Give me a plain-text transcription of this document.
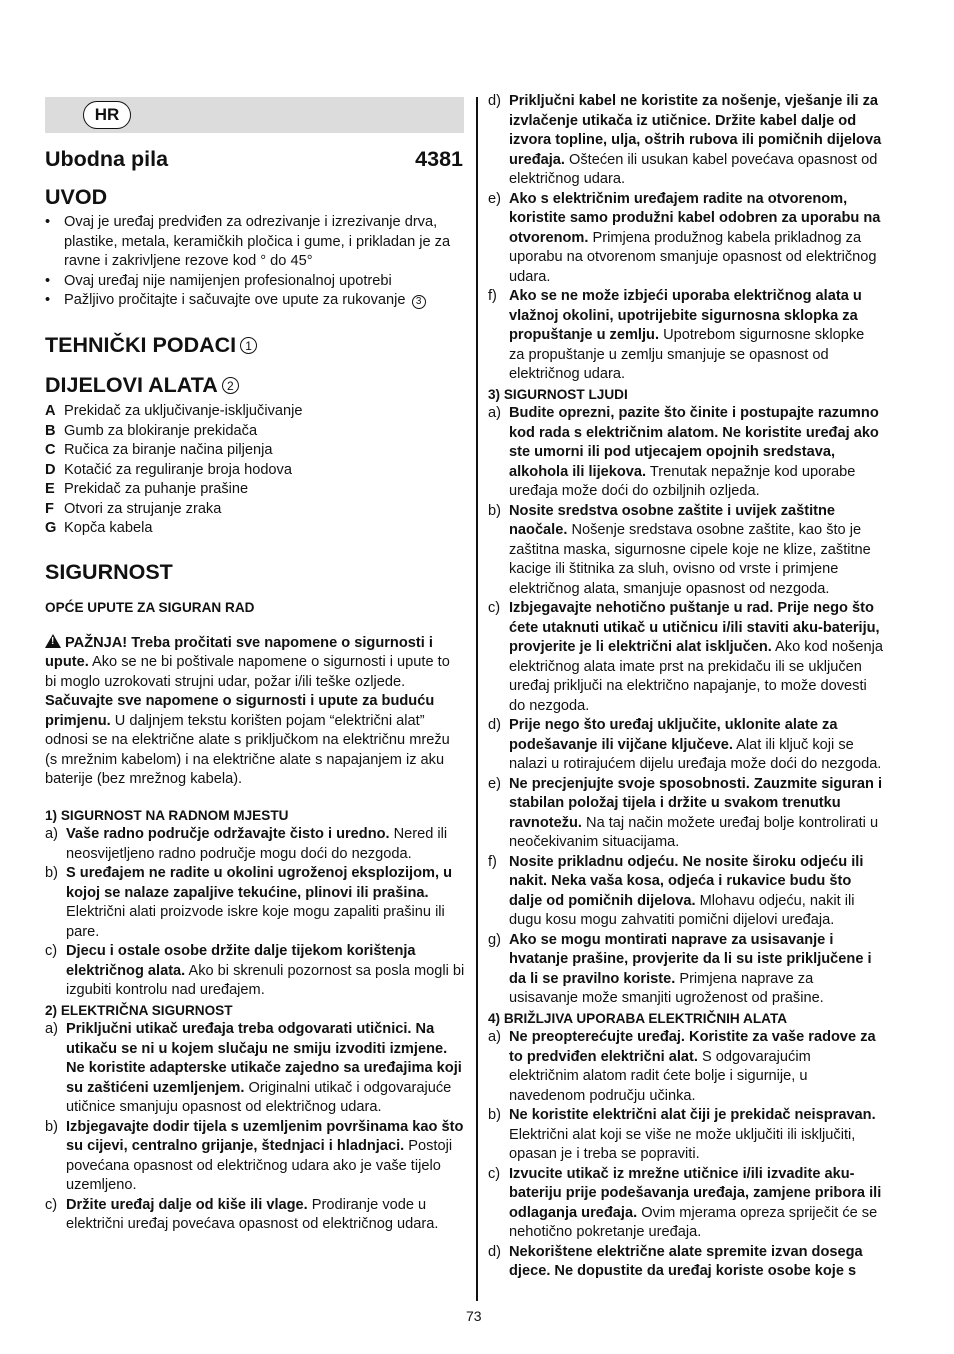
HR
Ubodna pila	4381
UVOD
• Ovaj je uređaj predviđen za odrezivanje i izrezivanje drva, plastike, metala, keramičkih pločica i gume, i prikladan je za ravne i zakrivljene rezove kod ° do 45°
• Ovaj uređaj nije namijenjen profesionalnoj upotrebi
• Pažljivo pročitajte i sačuvajte ove upute za rukovanje 3
TEHNIČKI PODACI 1
DIJELOVI ALATA 2
A Prekidač za uključivanje-isključivanje
B Gumb za blokiranje prekidača
C Ručica za biranje načina piljenja
D Kotačić za reguliranje broja hodova
E Prekidač za puhanje prašine
F Otvori za strujanje zraka
G Kopča kabela
SIGURNOST
OPĆE UPUTE ZA SIGURAN RAD
!PAŽNJA! Treba pročitati sve napomene o sigurnosti i upute. Ako se ne bi poštivale napomene o sigurnosti i upute to bi moglo uzrokovati strujni udar, požar i/ili teške ozljede. Sačuvajte sve napomene o sigurnosti i upute za buduću primjenu. U daljnjem tekstu korišten pojam “električni alat” odnosi se na električne alate s priključkom na električnu mrežu (s mrežnim kabelom) i na električne alate s napajanjem iz aku baterije (bez mrežnog kabela).
1) SIGURNOST NA RADNOM MJESTU
a) Vaše radno područje održavajte čisto i uredno. Nered ili neosvijetljeno radno područje mogu doći do nezgoda.
b) S uređajem ne radite u okolini ugroženoj eksplozijom, u kojoj se nalaze zapaljive tekućine, plinovi ili prašina. Električni alati proizvode iskre koje mogu zapaliti prašinu ili pare.
c) Djecu i ostale osobe držite dalje tijekom korištenja električnog alata. Ako bi skrenuli pozornost sa posla mogli bi izgubiti kontrolu nad uređajem.
2) ELEKTRIČNA SIGURNOST
a) Priključni utikač uređaja treba odgovarati utičnici. Na utikaču se ni u kojem slučaju ne smiju izvoditi izmjene. Ne koristite adapterske utikače zajedno sa uređajima koji su zaštićeni uzemljenjem. Originalni utikač i odgovarajuće utičnice smanjuju opasnost od električnog udara.
b) Izbjegavajte dodir tijela s uzemljenim površinama kao što su cijevi, centralno grijanje, štednjaci i hladnjaci. Postoji povećana opasnost od električnog udara ako je vaše tijelo uzemljeno.
c) Držite uređaj dalje od kiše ili vlage. Prodiranje vode u električni uređaj povećava opasnost od električnog udara.
d) Priključni kabel ne koristite za nošenje, vješanje ili za izvlačenje utikača iz utičnice. Držite kabel dalje od izvora topline, ulja, oštrih rubova ili pomičnih dijelova uređaja. Oštećen ili usukan kabel povećava opasnost od električnog udara.
e) Ako s električnim uređajem radite na otvorenom, koristite samo produžni kabel odobren za uporabu na otvorenom. Primjena produžnog kabela prikladnog za uporabu na otvorenom smanjuje opasnost od električnog udara.
f) Ako se ne može izbjeći uporaba električnog alata u vlažnoj okolini, upotrijebite sigurnosna sklopka za propuštanje u zemlju. Upotrebom sigurnosne sklopke za propuštanje u zemlju smanjuje se opasnost od električnog udara.
3) SIGURNOST LJUDI
a) Budite oprezni, pazite što činite i postupajte razumno kod rada s električnim alatom. Ne koristite uređaj ako ste umorni ili pod utjecajem opojnih sredstava, alkohola ili lijekova. Trenutak nepažnje kod uporabe uređaja može doći do ozbiljnih ozljeda.
b) Nosite sredstva osobne zaštite i uvijek zaštitne naočale. Nošenje sredstava osobne zaštite, kao što je zaštitna maska, sigurnosne cipele koje ne klize, zaštitne kacige ili štitnika za sluh, ovisno od vrste i primjene električnog alata, smanjuje opasnost od nezgoda.
c) Izbjegavajte nehotično puštanje u rad. Prije nego što ćete utaknuti utikač u utičnicu i/ili staviti aku-bateriju, provjerite je li električni alat isključen. Ako kod nošenja električnog alata imate prst na prekidaču ili se uključen uređaj priključi na električno napajanje, to može dovesti do nezgoda.
d) Prije nego što uređaj uključite, uklonite alate za podešavanje ili vijčane ključeve. Alat ili ključ koji se nalazi u rotirajućem dijelu uređaja može doći do nezgoda.
e) Ne precjenjujte svoje sposobnosti. Zauzmite siguran i stabilan položaj tijela i držite u svakom trenutku ravnotežu. Na taj način možete uređaj bolje kontrolirati u neočekivanim situacijama.
f) Nosite prikladnu odjeću. Ne nosite široku odjeću ili nakit. Neka vaša kosa, odjeća i rukavice budu što dalje od pomičnih dijelova. Mlohavu odjeću, nakit ili dugu kosu mogu zahvatiti pomični dijelovi uređaja.
g) Ako se mogu montirati naprave za usisavanje i hvatanje prašine, provjerite da li su iste priključene i da li se pravilno koriste. Primjena naprave za usisavanje može smanjiti ugroženost od prašine.
4) BRIŽLJIVA UPORABA ELEKTRIČNIH ALATA
a) Ne preopterećujte uređaj. Koristite za vaše radove za to predviđen električni alat. S odgovarajućim električnim alatom radit ćete bolje i sigurnije, u navedenom području učinka.
b) Ne koristite električni alat čiji je prekidač neispravan. Električni alat koji se više ne može uključiti ili isključiti, opasan je i treba se popraviti.
c) Izvucite utikač iz mrežne utičnice i/ili izvadite aku-bateriju prije podešavanja uređaja, zamjene pribora ili odlaganja uređaja. Ovim mjerama opreza spriječit će se nehotično pokretanje uređaja.
d) Nekorištene električne alate spremite izvan dosega djece. Ne dopustite da uređaj koriste osobe koje s
73
